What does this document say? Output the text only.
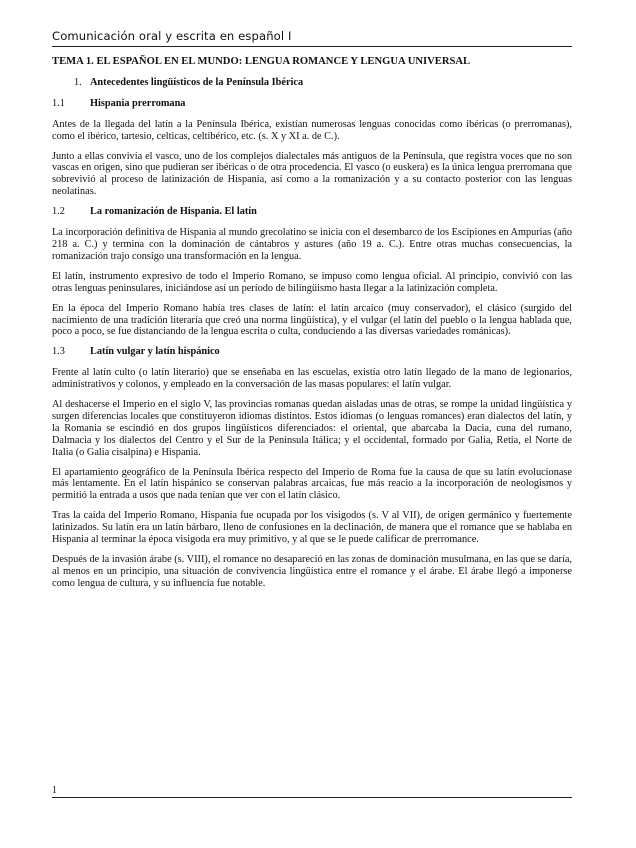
Comunicación oral y escrita en español I
TEMA 1. EL ESPAÑOL EN EL MUNDO: LENGUA ROMANCE Y LENGUA UNIVERSAL
1. Antecedentes lingüísticos de la Península Ibérica
1.1 Hispania prerromana

Antes de la llegada del latín a la Península Ibérica, existían numerosas lenguas conocidas como ibéricas (o prerromanas), como el ibérico, tartesio, celticas, celtibérico, etc. (s. X y XI a. de C.).

Junto a ellas convivía el vasco, uno de los complejos dialectales más antiguos de la Península, que registra voces que no son vascas en origen, sino que pudieran ser ibéricas o de otra procedencia. El vasco (o euskera) es la única lengua prerromana que sobrevivió al proceso de latinización de Hispania, así como a la romanización y a su contacto posterior con las lenguas neolatinas.

1.2 La romanización de Hispania. El latín

La incorporación definitiva de Hispania al mundo grecolatino se inicia con el desembarco de los Escipiones en Ampurias (año 218 a. C.) y termina con la dominación de cántabros y astures (año 19 a. C.). Entre otras muchas consecuencias, la romanización trajo consigo una transformación en la lengua.

El latín, instrumento expresivo de todo el Imperio Romano, se impuso como lengua oficial. Al principio, convivió con las otras lenguas peninsulares, iniciándose así un período de bilingüismo hasta llegar a la latinización completa.

En la época del Imperio Romano había tres clases de latín: el latín arcaico (muy conservador), el clásico (surgido del nacimiento de una tradición literaria que creó una norma lingüística), y el vulgar (el latín del pueblo o la lengua hablada que, poco a poco, se fue distanciando de la lengua escrita o culta, conduciendo a las diversas variedades románicas).

1.3 Latín vulgar y latín hispánico

Frente al latín culto (o latín literario) que se enseñaba en las escuelas, existía otro latín llegado de la mano de legionarios, administrativos y colonos, y empleado en la conversación de las masas populares: el latín vulgar.

Al deshacerse el Imperio en el siglo V, las provincias romanas quedan aisladas unas de otras, se rompe la unidad lingüística y surgen diferencias locales que constituyeron idiomas distintos. Estos idiomas (o lenguas romances) eran dialectos del latín, y la Romania se escindió en dos grupos lingüísticos diferenciados: el oriental, que abarcaba la Dacia, cuna del rumano, Dalmacia y los dialectos del Centro y el Sur de la Península Itálica; y el occidental, formado por Galia, Retia, el Norte de Italia (o Galia cisalpina) e Hispania.

El apartamiento geográfico de la Península Ibérica respecto del Imperio de Roma fue la causa de que su latín evolucionase más lentamente. En el latín hispánico se conservan palabras arcaicas, fue más reacio a la incorporación de neologismos y permitió la entrada a usos que nada tenían que ver con el latín clásico.

Tras la caída del Imperio Romano, Hispania fue ocupada por los visigodos (s. V al VII), de origen germánico y fuertemente latinizados. Su latín era un latín bárbaro, lleno de confusiones en la declinación, de manera que el romance que se hablaba en Hispania al terminar la época visigoda era muy primitivo, y al que se le puede calificar de prerromance.

Después de la invasión árabe (s. VIII), el romance no desapareció en las zonas de dominación musulmana, en las que se daría, al menos en un principio, una situación de convivencia lingüística entre el romance y el árabe. El árabe llegó a imponerse como lengua de cultura, y su influencia fue notable.

1
